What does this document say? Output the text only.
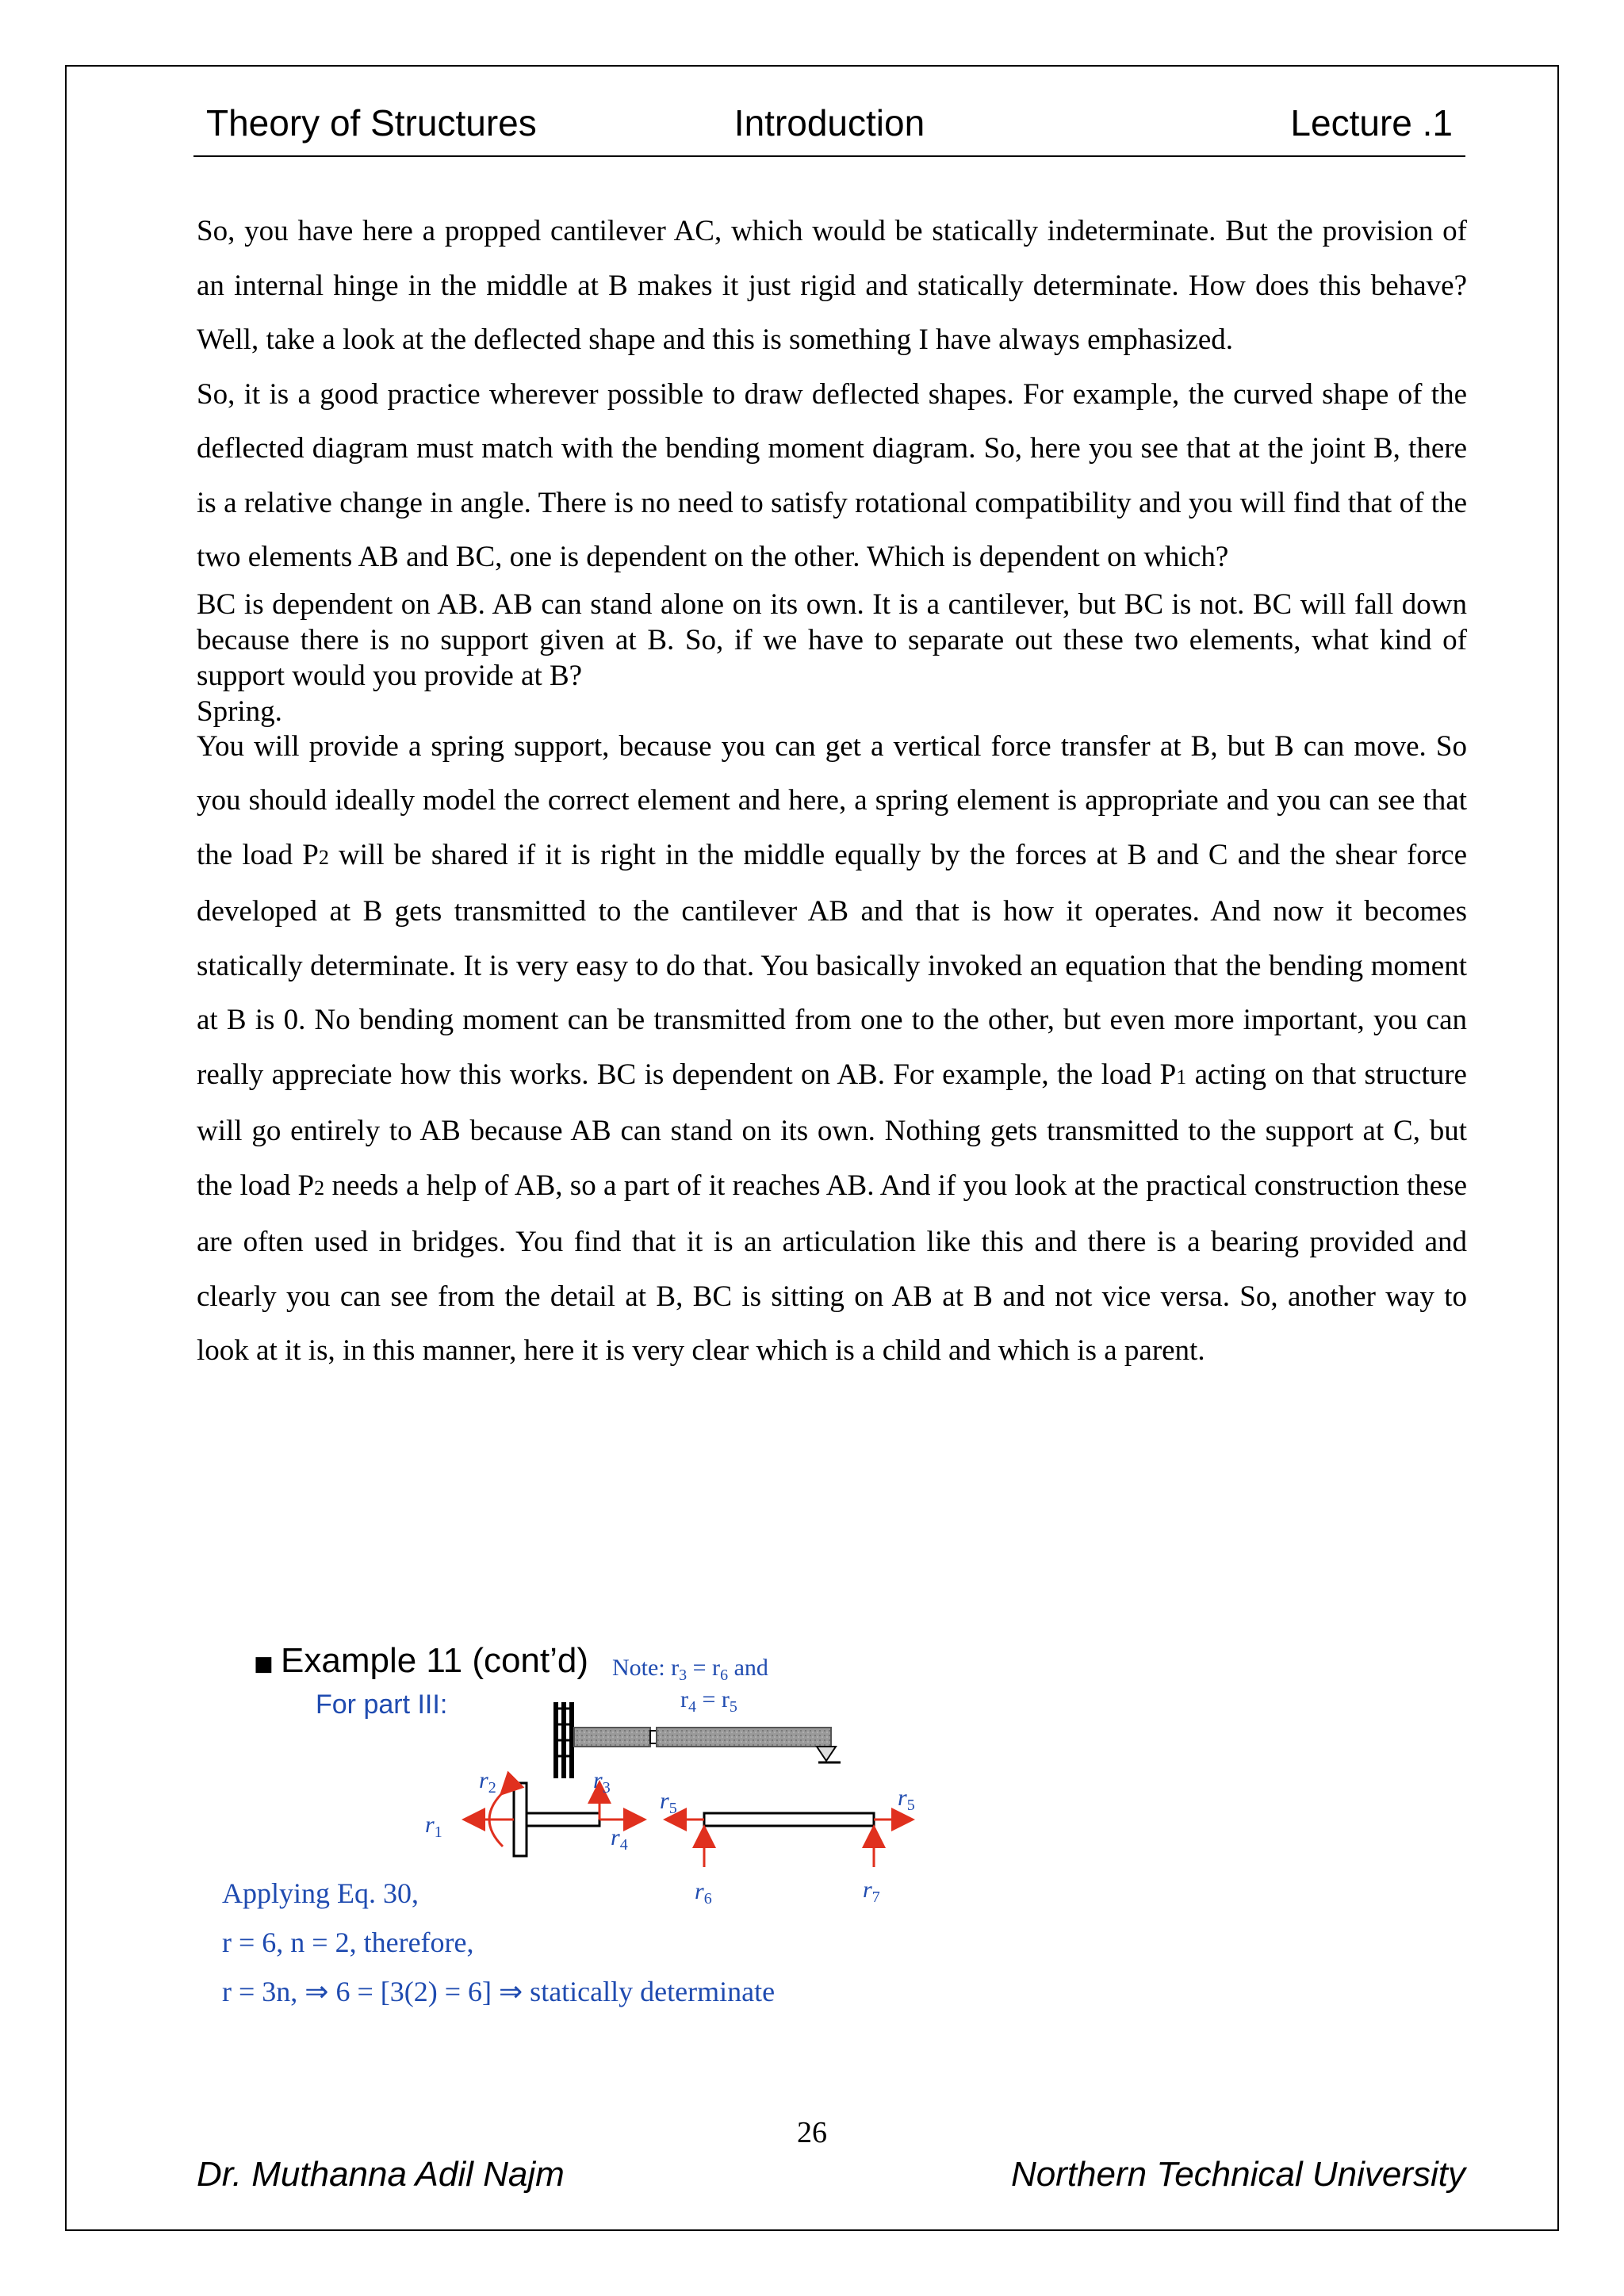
Theory of Structures	Introduction	Lecture .1

So, you have here a propped cantilever AC, which would be statically indeterminate. But the provision of an internal hinge in the middle at B makes it just rigid and statically determinate. How does this behave? Well, take a look at the deflected shape and this is something I have always emphasized.

So, it is a good practice wherever possible to draw deflected shapes. For example, the curved shape of the deflected diagram must match with the bending moment diagram. So, here you see that at the joint B, there is a relative change in angle. There is no need to satisfy rotational compatibility and you will find that of the two elements AB and BC, one is dependent on the other. Which is dependent on which?

BC is dependent on AB. AB can stand alone on its own. It is a cantilever, but BC is not. BC will fall down because there is no support given at B. So, if we have to separate out these two elements, what kind of support would you provide at B?

Spring.

You will provide a spring support, because you can get a vertical force transfer at B, but B can move. So you should ideally model the correct element and here, a spring element is appropriate and you can see that the load P2 will be shared if it is right in the middle equally by the forces at B and C and the shear force developed at B gets transmitted to the cantilever AB and that is how it operates. And now it becomes statically determinate. It is very easy to do that. You basically invoked an equation that the bending moment at B is 0. No bending moment can be transmitted from one to the other, but even more important, you can really appreciate how this works. BC is dependent on AB. For example, the load P1 acting on that structure will go entirely to AB because AB can stand on its own. Nothing gets transmitted to the support at C, but the load P2 needs a help of AB, so a part of it reaches AB. And if you look at the practical construction these are often used in bridges. You find that it is an articulation like this and there is a bearing provided and clearly you can see from the detail at B, BC is sitting on AB at B and not vice versa. So, another way to look at it is, in this manner, here it is very clear which is a child and which is a parent.

■ Example 11 (cont’d)
For part III:
Note: $r_3 = r_6$ and
$r_4 = r_5$
$r_1$
$r_2$	$r_3$
$r_4$
$r_5$	$r_5$
$r_6$	$r_7$
Applying Eq. 30,
r = 6, n = 2, therefore,
r = 3n, ⇒ 6 = [3(2) = 6] ⇒ statically determinate
26
Dr. Muthanna Adil Najm	Northern Technical University
